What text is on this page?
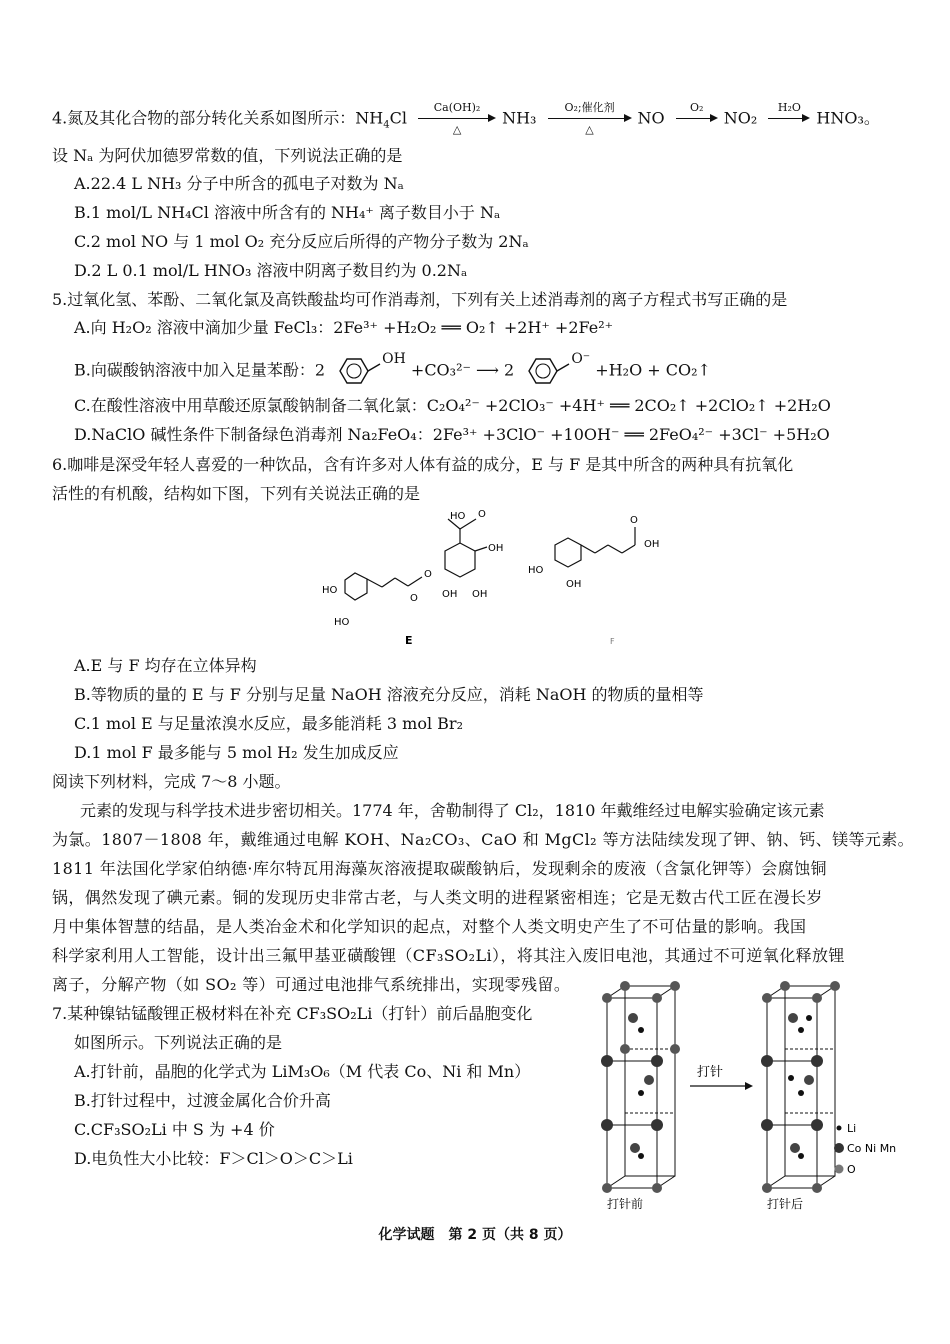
4.氮及其化合物的部分转化关系如图所示：$NH_4Cl$
Ca(OH)₂
△
NH₃
O₂;催化剂
△
NO
O₂

NO₂
H₂O

HNO₃。
设 Nₐ 为阿伏加德罗常数的值，下列说法正确的是
A.22.4 L NH₃ 分子中所含的孤电子对数为 Nₐ
B.1 mol/L NH₄Cl 溶液中所含有的 NH₄⁺ 离子数目小于 Nₐ
C.2 mol NO 与 1 mol O₂ 充分反应后所得的产物分子数为 2Nₐ
D.2 L 0.1 mol/L HNO₃ 溶液中阴离子数目约为 0.2Nₐ
5.过氧化氢、苯酚、二氧化氯及高铁酸盐均可作消毒剂，下列有关上述消毒剂的离子方程式书写正确的是
A.向 H₂O₂ 溶液中滴加少量 FeCl₃：2Fe³⁺ +H₂O₂ ══ O₂↑ +2H⁺ +2Fe²⁺
B.向碳酸钠溶液中加入足量苯酚：2 $^{OH}$ +CO₃²⁻ ⟶ 2 $^{O^-}$ +H₂O + CO₂↑
C.在酸性溶液中用草酸还原氯酸钠制备二氧化氯：C₂O₄²⁻ +2ClO₃⁻ +4H⁺ ══ 2CO₂↑ +2ClO₂↑ +2H₂O
D.NaClO 碱性条件下制备绿色消毒剂 Na₂FeO₄：2Fe³⁺ +3ClO⁻ +10OH⁻ ══ 2FeO₄²⁻ +3Cl⁻ +5H₂O
6.咖啡是深受年轻人喜爱的一种饮品，含有许多对人体有益的成分，E 与 F 是其中所含的两种具有抗氧化
活性的有机酸，结构如下图，下列有关说法正确的是
HO
HO
O
O
HO O
OH
OH OH
E
HO
OH
O
OH
F
A.E 与 F 均存在立体异构
B.等物质的量的 E 与 F 分别与足量 NaOH 溶液充分反应，消耗 NaOH 的物质的量相等
C.1 mol E 与足量浓溴水反应，最多能消耗 3 mol Br₂
D.1 mol F 最多能与 5 mol H₂ 发生加成反应
阅读下列材料，完成 7～8 小题。
元素的发现与科学技术进步密切相关。1774 年，舍勒制得了 Cl₂，1810 年戴维经过电解实验确定该元素
为氯。1807－1808 年，戴维通过电解 KOH、Na₂CO₃、CaO 和 MgCl₂ 等方法陆续发现了钾、钠、钙、镁等元素。
1811 年法国化学家伯纳德·库尔特瓦用海藻灰溶液提取碳酸钠后，发现剩余的废液（含氯化钾等）会腐蚀铜
锅，偶然发现了碘元素。铜的发现历史非常古老，与人类文明的进程紧密相连；它是无数古代工匠在漫长岁
月中集体智慧的结晶，是人类冶金术和化学知识的起点，对整个人类文明史产生了不可估量的影响。我国
科学家利用人工智能，设计出三氟甲基亚磺酸锂（CF₃SO₂Li），将其注入废旧电池，其通过不可逆氧化释放锂
离子，分解产物（如 SO₂ 等）可通过电池排气系统排出，实现零残留。
7.某种镍钴锰酸锂正极材料在补充 CF₃SO₂Li（打针）前后晶胞变化
如图所示。下列说法正确的是
A.打针前，晶胞的化学式为 LiM₃O₆（M 代表 Co、Ni 和 Mn）
B.打针过程中，过渡金属化合价升高
C.CF₃SO₂Li 中 S 为 +4 价
D.电负性大小比较：F＞Cl＞O＞C＞Li
打针前
打针
打针后
Li
Co Ni Mn
O
化学试题　第 2 页（共 8 页）
